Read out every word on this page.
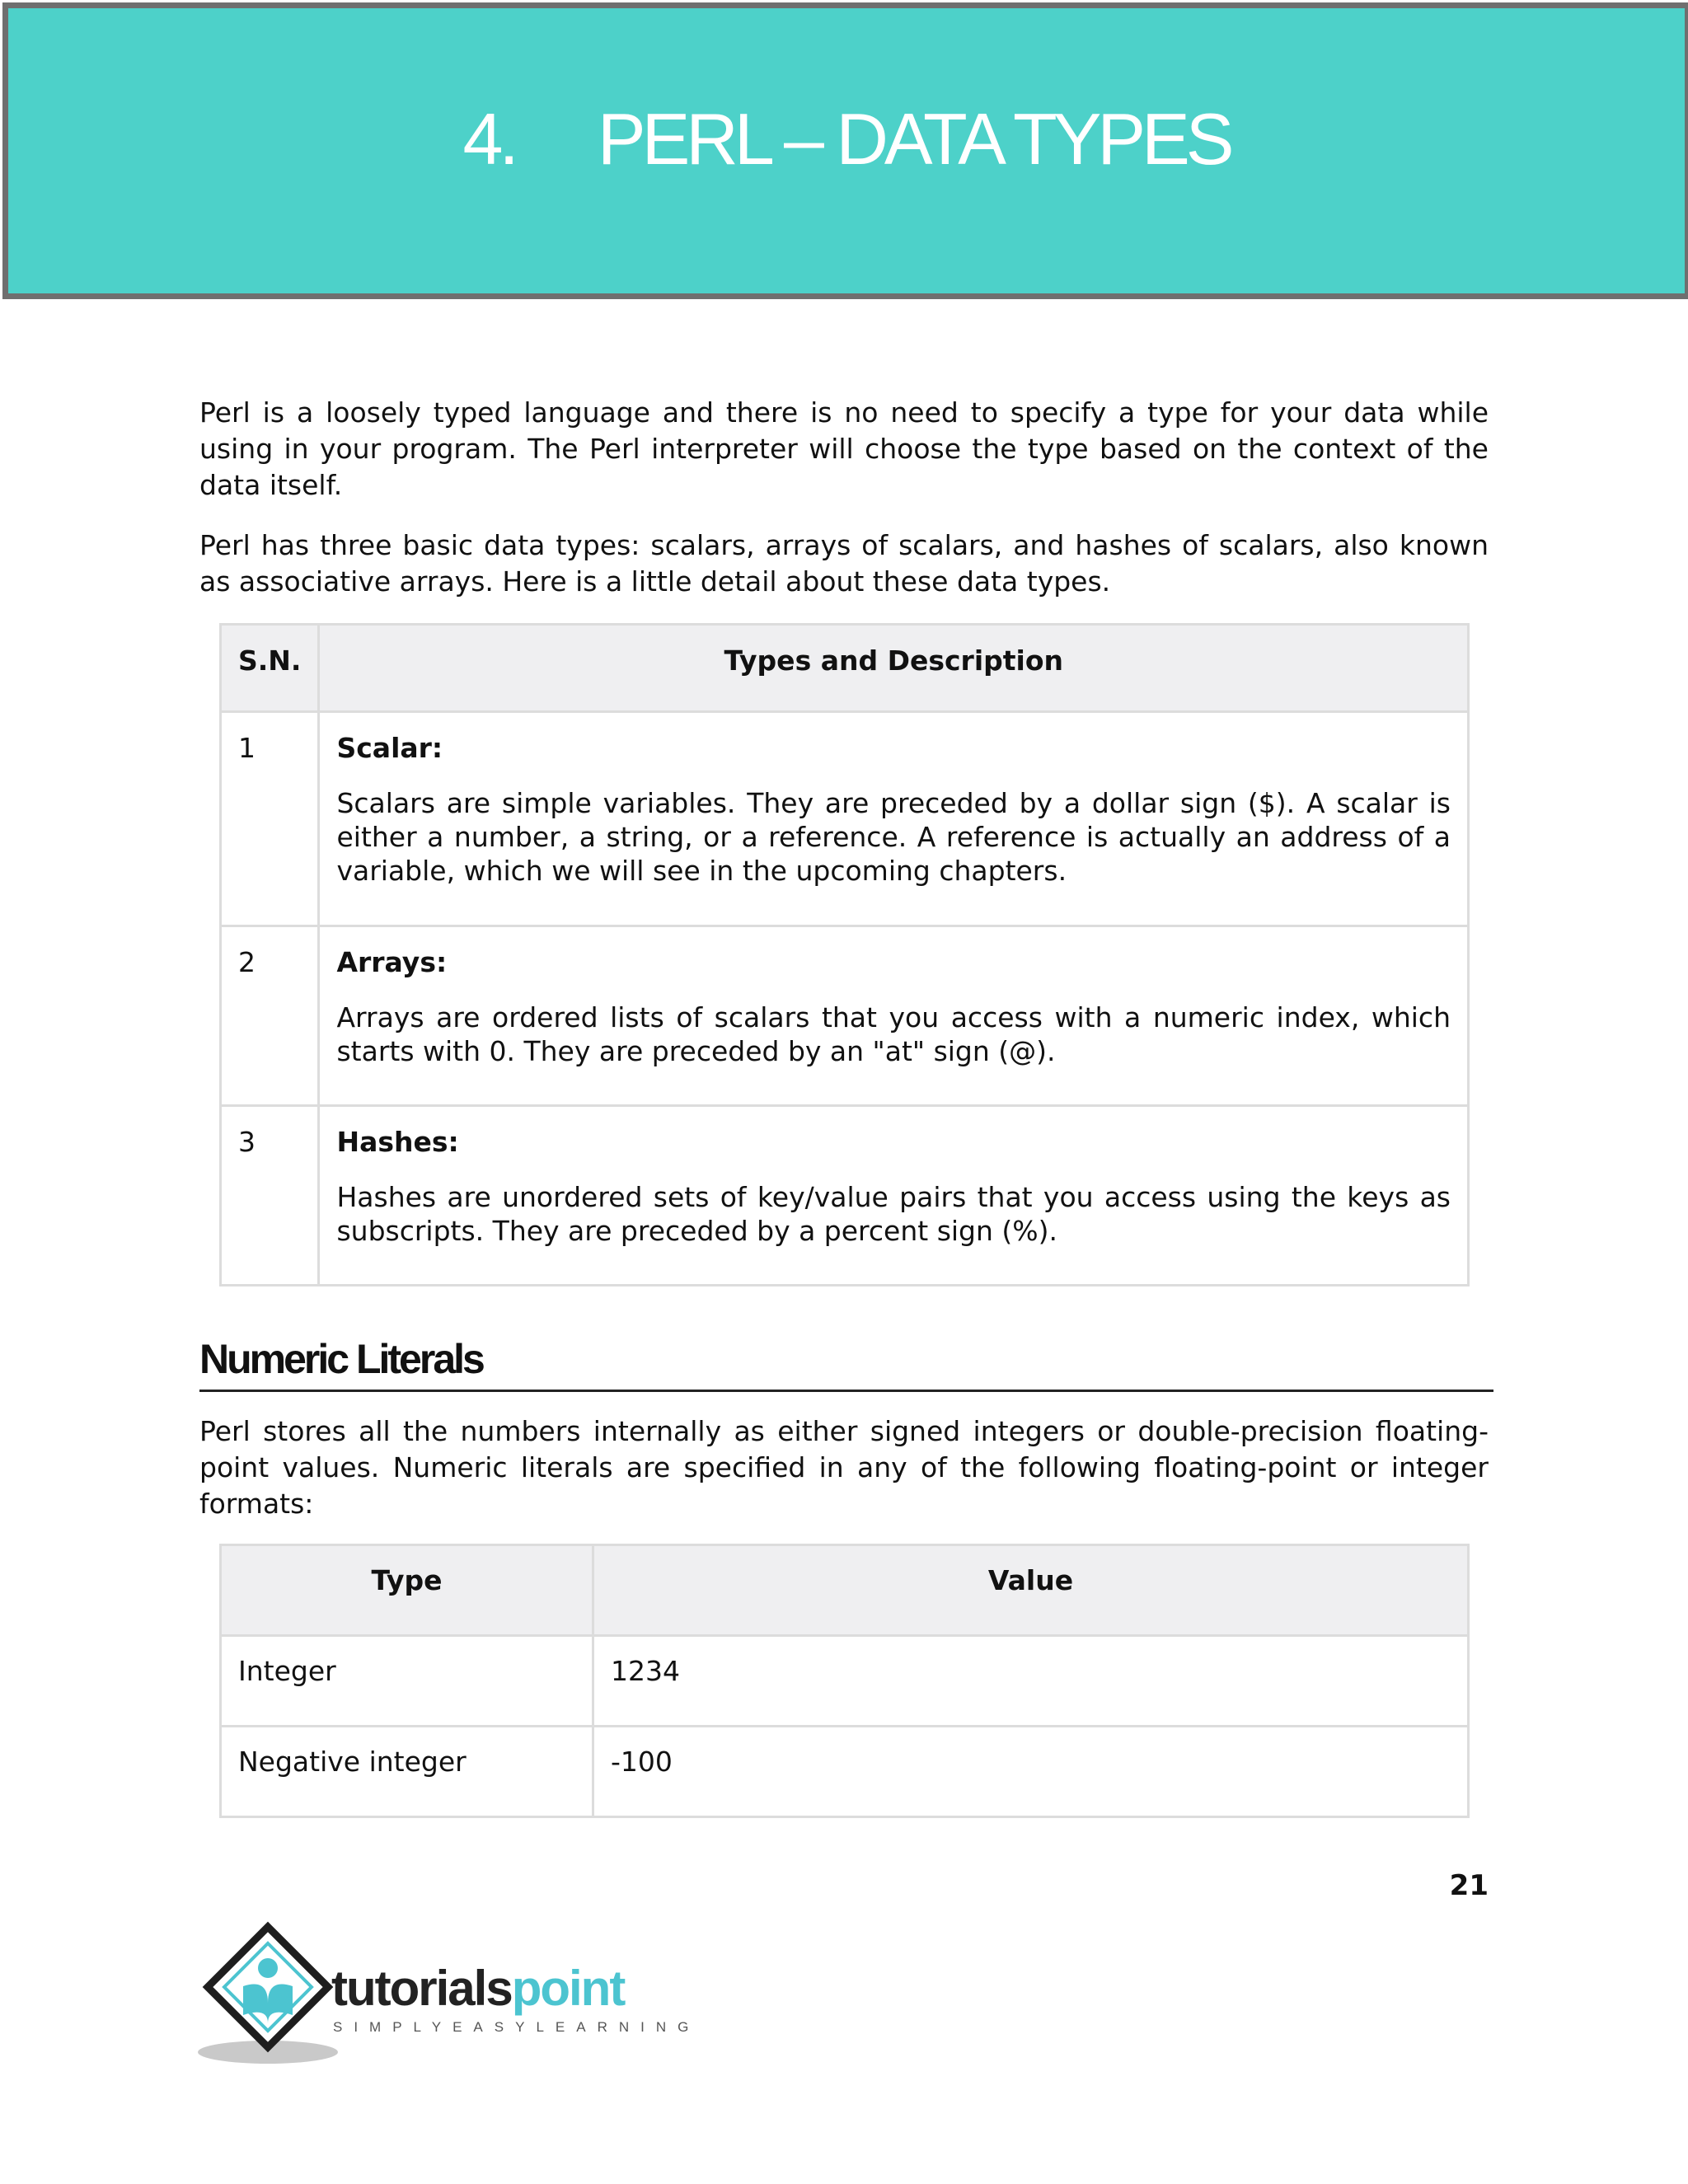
4. PERL – DATA TYPES

Perl is a loosely typed language and there is no need to specify a type for your data while using in your program. The Perl interpreter will choose the type based on the context of the data itself.

Perl has three basic data types: scalars, arrays of scalars, and hashes of scalars, also known as associative arrays. Here is a little detail about these data types.

S.N.	Types and Description
1	Scalar:
Scalars are simple variables. They are preceded by a dollar sign ($). A scalar is either a number, a string, or a reference. A reference is actually an address of a variable, which we will see in the upcoming chapters.

2	Arrays:
Arrays are ordered lists of scalars that you access with a numeric index, which starts with 0. They are preceded by an "at" sign (@).

3	Hashes:
Hashes are unordered sets of key/value pairs that you access using the keys as subscripts. They are preceded by a percent sign (%).
Numeric Literals

Perl stores all the numbers internally as either signed integers or double-precision floating-point values. Numeric literals are specified in any of the following floating-point or integer formats:

Type	Value
Integer	1234
Negative integer	-100
21
tutorialspoint
SIMPLYEASYLEARNING
